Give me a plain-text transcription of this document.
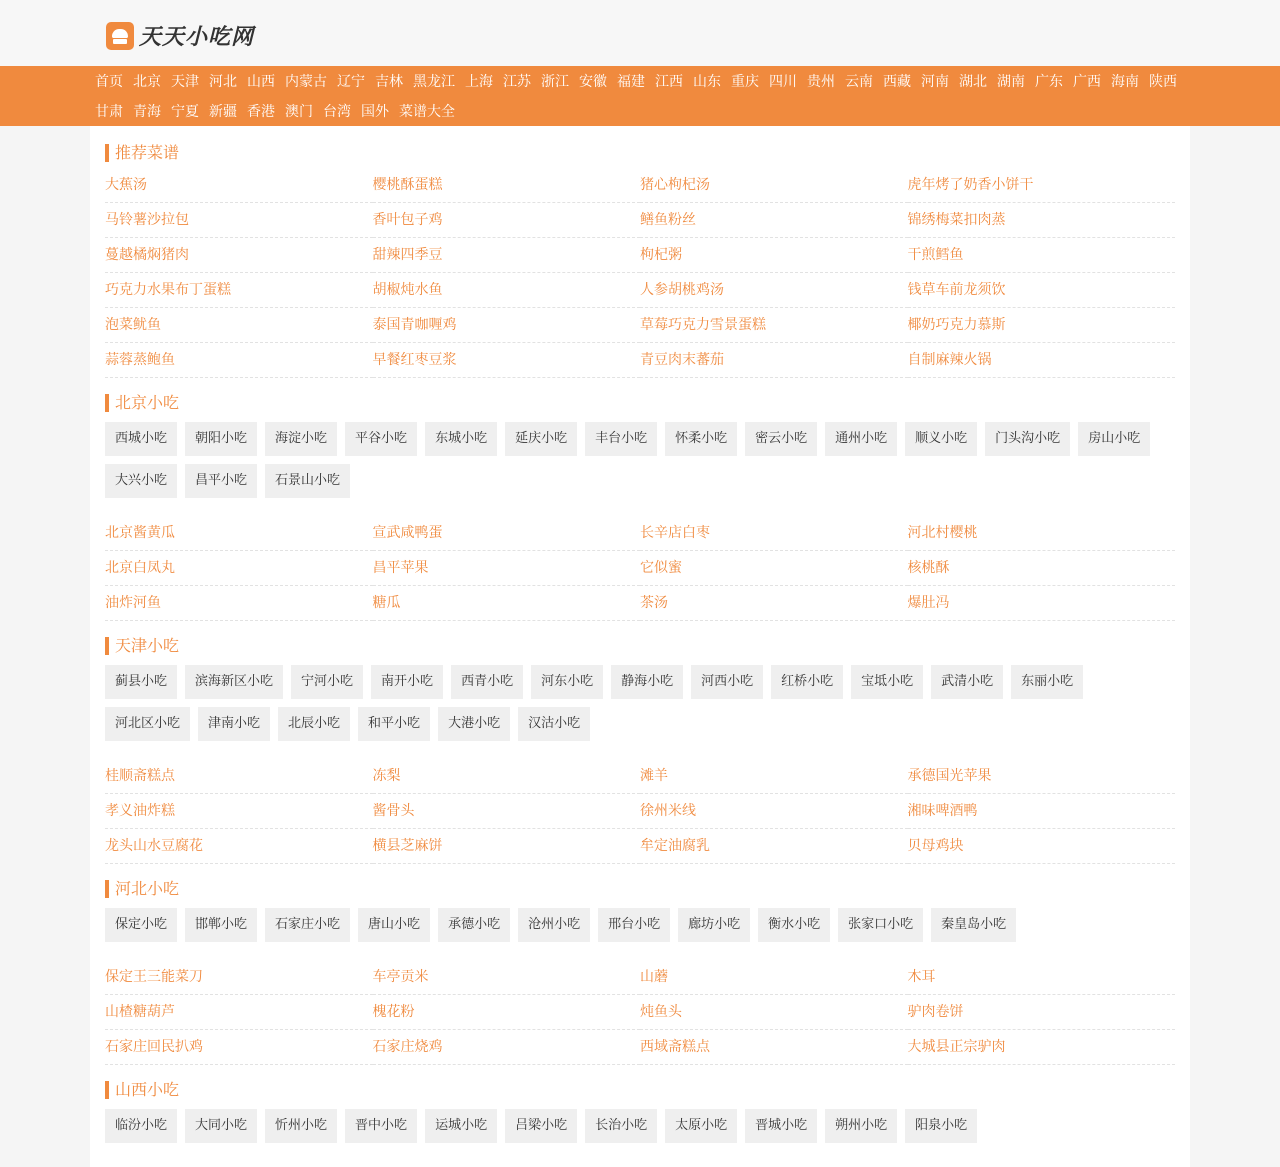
天天小吃网
首页 北京 天津 河北 山西 内蒙古 辽宁 吉林 黑龙江 上海 江苏 浙江 安徽 福建 江西 山东 重庆 四川 贵州 云南 西藏 河南 湖北 湖南 广东 广西 海南 陕西
甘肃 青海 宁夏 新疆 香港 澳门 台湾 国外 菜谱大全
推荐菜谱
大蕉汤	樱桃酥蛋糕	猪心枸杞汤	虎年烤了奶香小饼干
马铃薯沙拉包	香叶包子鸡	鳝鱼粉丝	锦绣梅菜扣肉蒸
蔓越橘焖猪肉	甜辣四季豆	枸杞粥	干煎鳕鱼
巧克力水果布丁蛋糕	胡椒炖水鱼	人参胡桃鸡汤	钱草车前龙须饮
泡菜鱿鱼	泰国青咖喱鸡	草莓巧克力雪景蛋糕	椰奶巧克力慕斯
蒜蓉蒸鲍鱼	早餐红枣豆浆	青豆肉末蕃茄	自制麻辣火锅
北京小吃
西城小吃	朝阳小吃	海淀小吃	平谷小吃	东城小吃	延庆小吃	丰台小吃	怀柔小吃	密云小吃	通州小吃	顺义小吃	门头沟小吃	房山小吃
大兴小吃	昌平小吃	石景山小吃
北京酱黄瓜	宣武咸鸭蛋	长辛店白枣	河北村樱桃
北京白凤丸	昌平苹果	它似蜜	核桃酥
油炸河鱼	糖瓜	茶汤	爆肚冯
天津小吃
蓟县小吃	滨海新区小吃	宁河小吃	南开小吃	西青小吃	河东小吃	静海小吃	河西小吃	红桥小吃	宝坻小吃	武清小吃	东丽小吃
河北区小吃	津南小吃	北辰小吃	和平小吃	大港小吃	汉沽小吃
桂顺斋糕点	冻梨	滩羊	承德国光苹果
孝义油炸糕	酱骨头	徐州米线	湘味啤酒鸭
龙头山水豆腐花	横县芝麻饼	牟定油腐乳	贝母鸡块
河北小吃
保定小吃	邯郸小吃	石家庄小吃	唐山小吃	承德小吃	沧州小吃	邢台小吃	廊坊小吃	衡水小吃	张家口小吃	秦皇岛小吃
保定王三能菜刀	车亭贡米	山蘑	木耳
山楂糖葫芦	槐花粉	炖鱼头	驴肉卷饼
石家庄回民扒鸡	石家庄烧鸡	西域斋糕点	大城县正宗驴肉
山西小吃
临汾小吃	大同小吃	忻州小吃	晋中小吃	运城小吃	吕梁小吃	长治小吃	太原小吃	晋城小吃	朔州小吃	阳泉小吃
